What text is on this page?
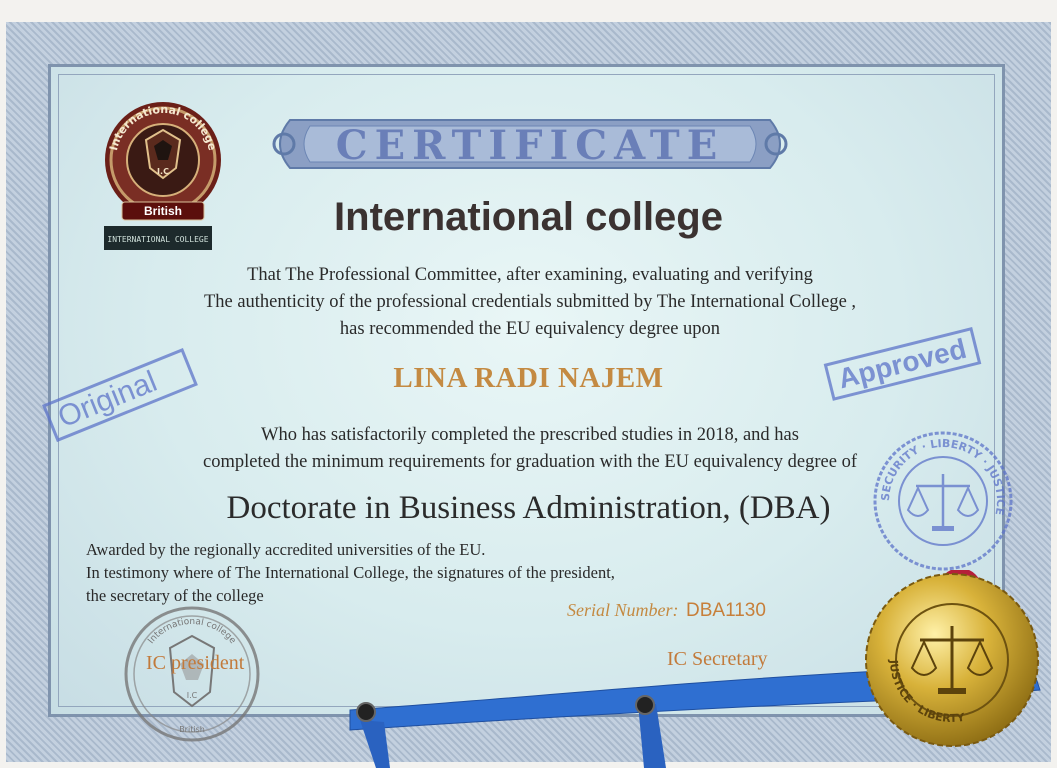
CERTIFICATE
International college
I.C
British
INTERNATIONAL COLLEGE
International college
That The Professional Committee, after examining, evaluating and verifying
The authenticity of the professional credentials submitted by The International College ,
has recommended the EU equivalency degree upon
LINA RADI NAJEM
Who has satisfactorily completed the prescribed studies in 2018, and has
completed the minimum requirements for graduation with the EU equivalency degree of
Doctorate in Business Administration, (DBA)
Awarded by the regionally accredited universities of the EU.
In testimony where of The International College, the signatures of the president,
the secretary of the college
Serial Number: DBA1130
International college
I.C
British
IC president	IC Secretary
Original
Approved
SECURITY · LIBERTY · JUSTICE
JUSTICE · LIBERTY
